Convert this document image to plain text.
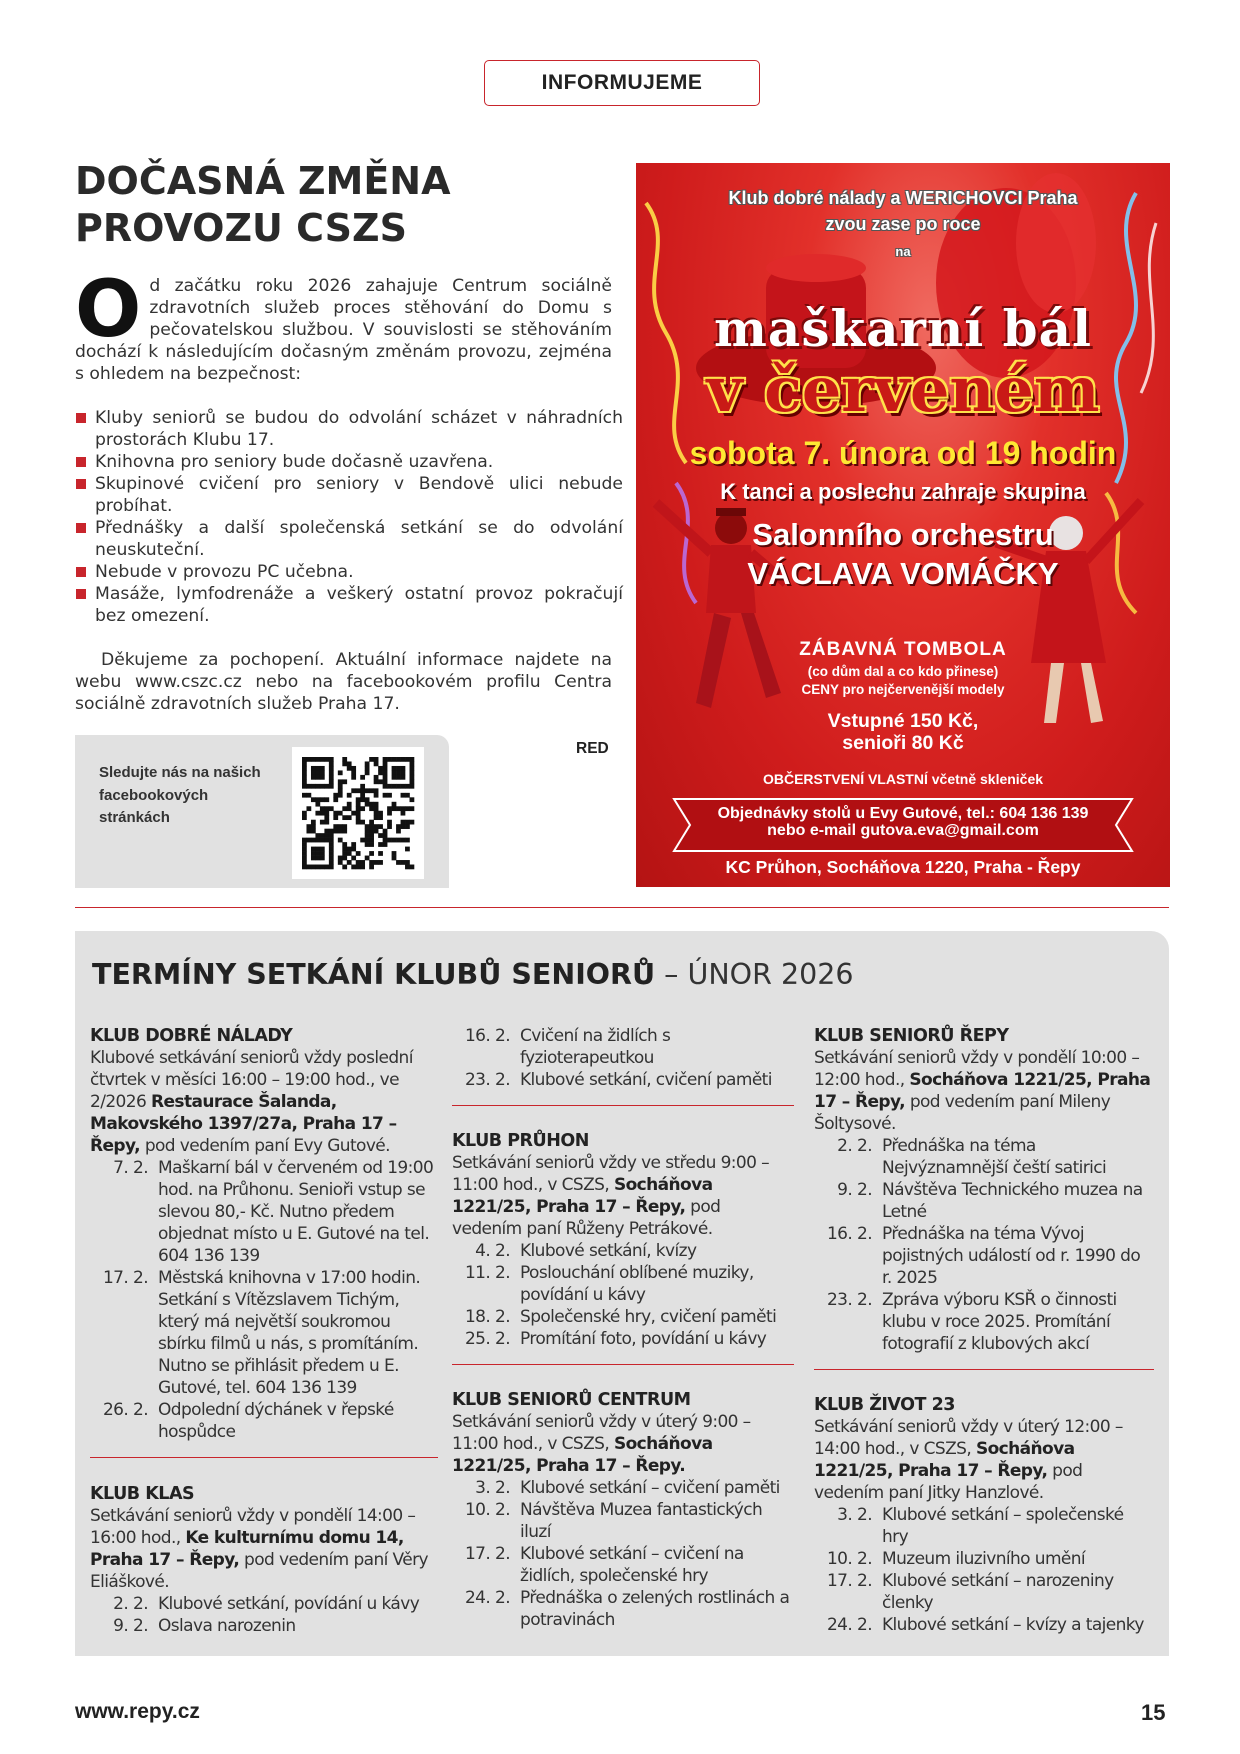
INFORMUJEME
DOČASNÁ ZMĚNA
PROVOZU CSZS

Od začátku roku 2026 zahajuje Centrum sociálně zdravotních služeb proces stěhování do Domu s pečovatelskou službou. V souvislosti se stěhováním dochází k následujícím dočasným změnám provozu, zejména s ohledem na bezpečnost:

Kluby seniorů se budou do odvolání scházet v náhradních prostorách Klubu 17.
Knihovna pro seniory bude dočasně uzavřena.
Skupinové cvičení pro seniory v Bendově ulici nebude probíhat.
Přednášky a další společenská setkání se do odvolání neuskuteční.
Nebude v provozu PC učebna.
Masáže, lymfodrenáže a veškerý ostatní provoz pokračují bez omezení.

Děkujeme za pochopení. Aktuální informace najdete na webu www.cszc.cz nebo na facebookovém profilu Centra sociálně zdravotních služeb Praha 17.

Sledujte nás na našich facebookových stránkách
RED
Klub dobré nálady a WERICHOVCI Praha
zvou zase po roce
na
maškarní bál
v červeném
sobota 7. února od 19 hodin
K tanci a poslechu zahraje skupina
Salonního orchestru
VÁCLAVA VOMÁČKY
ZÁBAVNÁ TOMBOLA
(co dům dal a co kdo přinese)
CENY pro nejčervenější modely
Vstupné 150 Kč,
senioři 80 Kč
OBČERSTVENÍ VLASTNÍ včetně skleniček
Objednávky stolů u Evy Gutové, tel.: 604 136 139
nebo e-mail gutova.eva@gmail.com
KC Průhon, Socháňova 1220, Praha - Řepy
TERMÍNY SETKÁNÍ KLUBŮ SENIORŮ – ÚNOR 2026
KLUB DOBRÉ NÁLADY

Klubové setkávání seniorů vždy poslední čtvrtek v měsíci 16:00 – 19:00 hod., ve 2/2026 Restaurace Šalanda, Makovského 1397/27a, Praha 17 – Řepy, pod vedením paní Evy Gutové.

7. 2. Maškarní bál v červeném od 19:00 hod. na Průhonu. Senioři vstup se slevou 80,- Kč. Nutno předem objednat místo u E. Gutové na tel. 604 136 139
17. 2. Městská knihovna v 17:00 hodin. Setkání s Vítězslavem Tichým, který má největší soukromou sbírku filmů u nás, s promítáním. Nutno se přihlásit předem u E. Gutové, tel. 604 136 139
26. 2. Odpolední dýchánek v řepské hospůdce
KLUB KLAS

Setkávání seniorů vždy v pondělí 14:00 – 16:00 hod., Ke kulturnímu domu 14, Praha 17 – Řepy, pod vedením paní Věry Eliáškové.

2. 2. Klubové setkání, povídání u kávy
9. 2. Oslava narozenin
16. 2. Cvičení na židlích s fyzioterapeutkou
23. 2. Klubové setkání, cvičení paměti
KLUB PRŮHON

Setkávání seniorů vždy ve středu 9:00 – 11:00 hod., v CSZS, Socháňova 1221/25, Praha 17 – Řepy, pod vedením paní Růženy Petrákové.

4. 2. Klubové setkání, kvízy
11. 2. Poslouchání oblíbené muziky, povídání u kávy
18. 2. Společenské hry, cvičení paměti
25. 2. Promítání foto, povídání u kávy
KLUB SENIORŮ CENTRUM

Setkávání seniorů vždy v úterý 9:00 – 11:00 hod., v CSZS, Socháňova 1221/25, Praha 17 – Řepy.

3. 2. Klubové setkání – cvičení paměti
10. 2. Návštěva Muzea fantastických iluzí
17. 2. Klubové setkání – cvičení na židlích, společenské hry
24. 2. Přednáška o zelených rostlinách a potravinách
KLUB SENIORŮ ŘEPY

Setkávání seniorů vždy v pondělí 10:00 – 12:00 hod., Socháňova 1221/25, Praha 17 – Řepy, pod vedením paní Mileny Šoltysové.

2. 2. Přednáška na téma Nejvýznamnější čeští satirici
9. 2. Návštěva Technického muzea na Letné
16. 2. Přednáška na téma Vývoj pojistných událostí od r. 1990 do r. 2025
23. 2. Zpráva výboru KSŘ o činnosti klubu v roce 2025. Promítání fotografií z klubových akcí
KLUB ŽIVOT 23

Setkávání seniorů vždy v úterý 12:00 – 14:00 hod., v CSZS, Socháňova 1221/25, Praha 17 – Řepy, pod vedením paní Jitky Hanzlové.

3. 2. Klubové setkání – společenské hry
10. 2. Muzeum iluzivního umění
17. 2. Klubové setkání – narozeniny členky
24. 2. Klubové setkání – kvízy a tajenky
www.repy.cz	15
